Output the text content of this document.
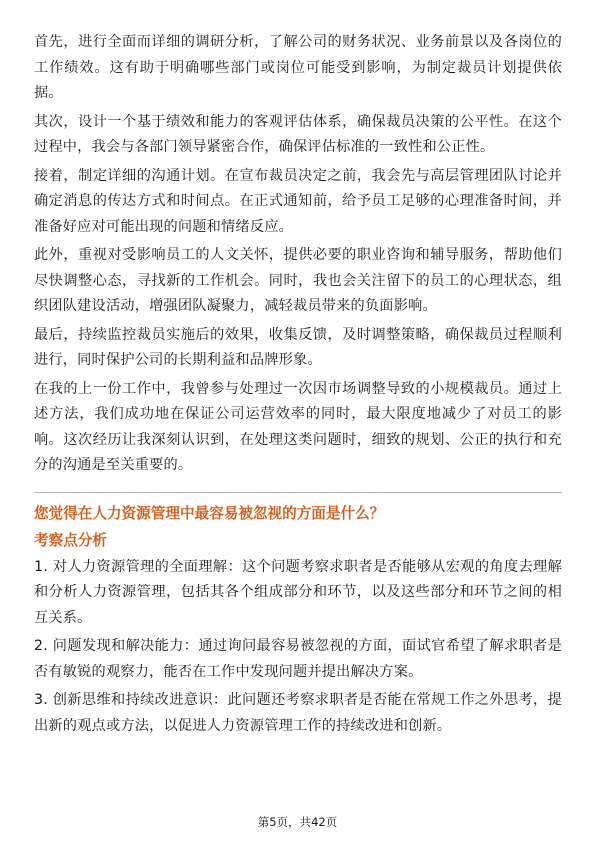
首先，进行全面而详细的调研分析，了解公司的财务状况、业务前景以及各岗位的工作绩效。这有助于明确哪些部门或岗位可能受到影响，为制定裁员计划提供依据。

其次，设计一个基于绩效和能力的客观评估体系，确保裁员决策的公平性。在这个过程中，我会与各部门领导紧密合作，确保评估标准的一致性和公正性。

接着，制定详细的沟通计划。在宣布裁员决定之前，我会先与高层管理团队讨论并确定消息的传达方式和时间点。在正式通知前，给予员工足够的心理准备时间，并准备好应对可能出现的问题和情绪反应。

此外，重视对受影响员工的人文关怀，提供必要的职业咨询和辅导服务，帮助他们尽快调整心态，寻找新的工作机会。同时，我也会关注留下的员工的心理状态，组织团队建设活动，增强团队凝聚力，减轻裁员带来的负面影响。

最后，持续监控裁员实施后的效果，收集反馈，及时调整策略，确保裁员过程顺利进行，同时保护公司的长期利益和品牌形象。

在我的上一份工作中，我曾参与处理过一次因市场调整导致的小规模裁员。通过上述方法，我们成功地在保证公司运营效率的同时，最大限度地减少了对员工的影响。这次经历让我深刻认识到，在处理这类问题时，细致的规划、公正的执行和充分的沟通是至关重要的。

您觉得在人力资源管理中最容易被忽视的方面是什么？

考察点分析

1. 对人力资源管理的全面理解：这个问题考察求职者是否能够从宏观的角度去理解和分析人力资源管理，包括其各个组成部分和环节，以及这些部分和环节之间的相互关系。

2. 问题发现和解决能力：通过询问最容易被忽视的方面，面试官希望了解求职者是否有敏锐的观察力，能否在工作中发现问题并提出解决方案。

3. 创新思维和持续改进意识：此问题还考察求职者是否能在常规工作之外思考，提出新的观点或方法，以促进人力资源管理工作的持续改进和创新。

第5页，共42页
